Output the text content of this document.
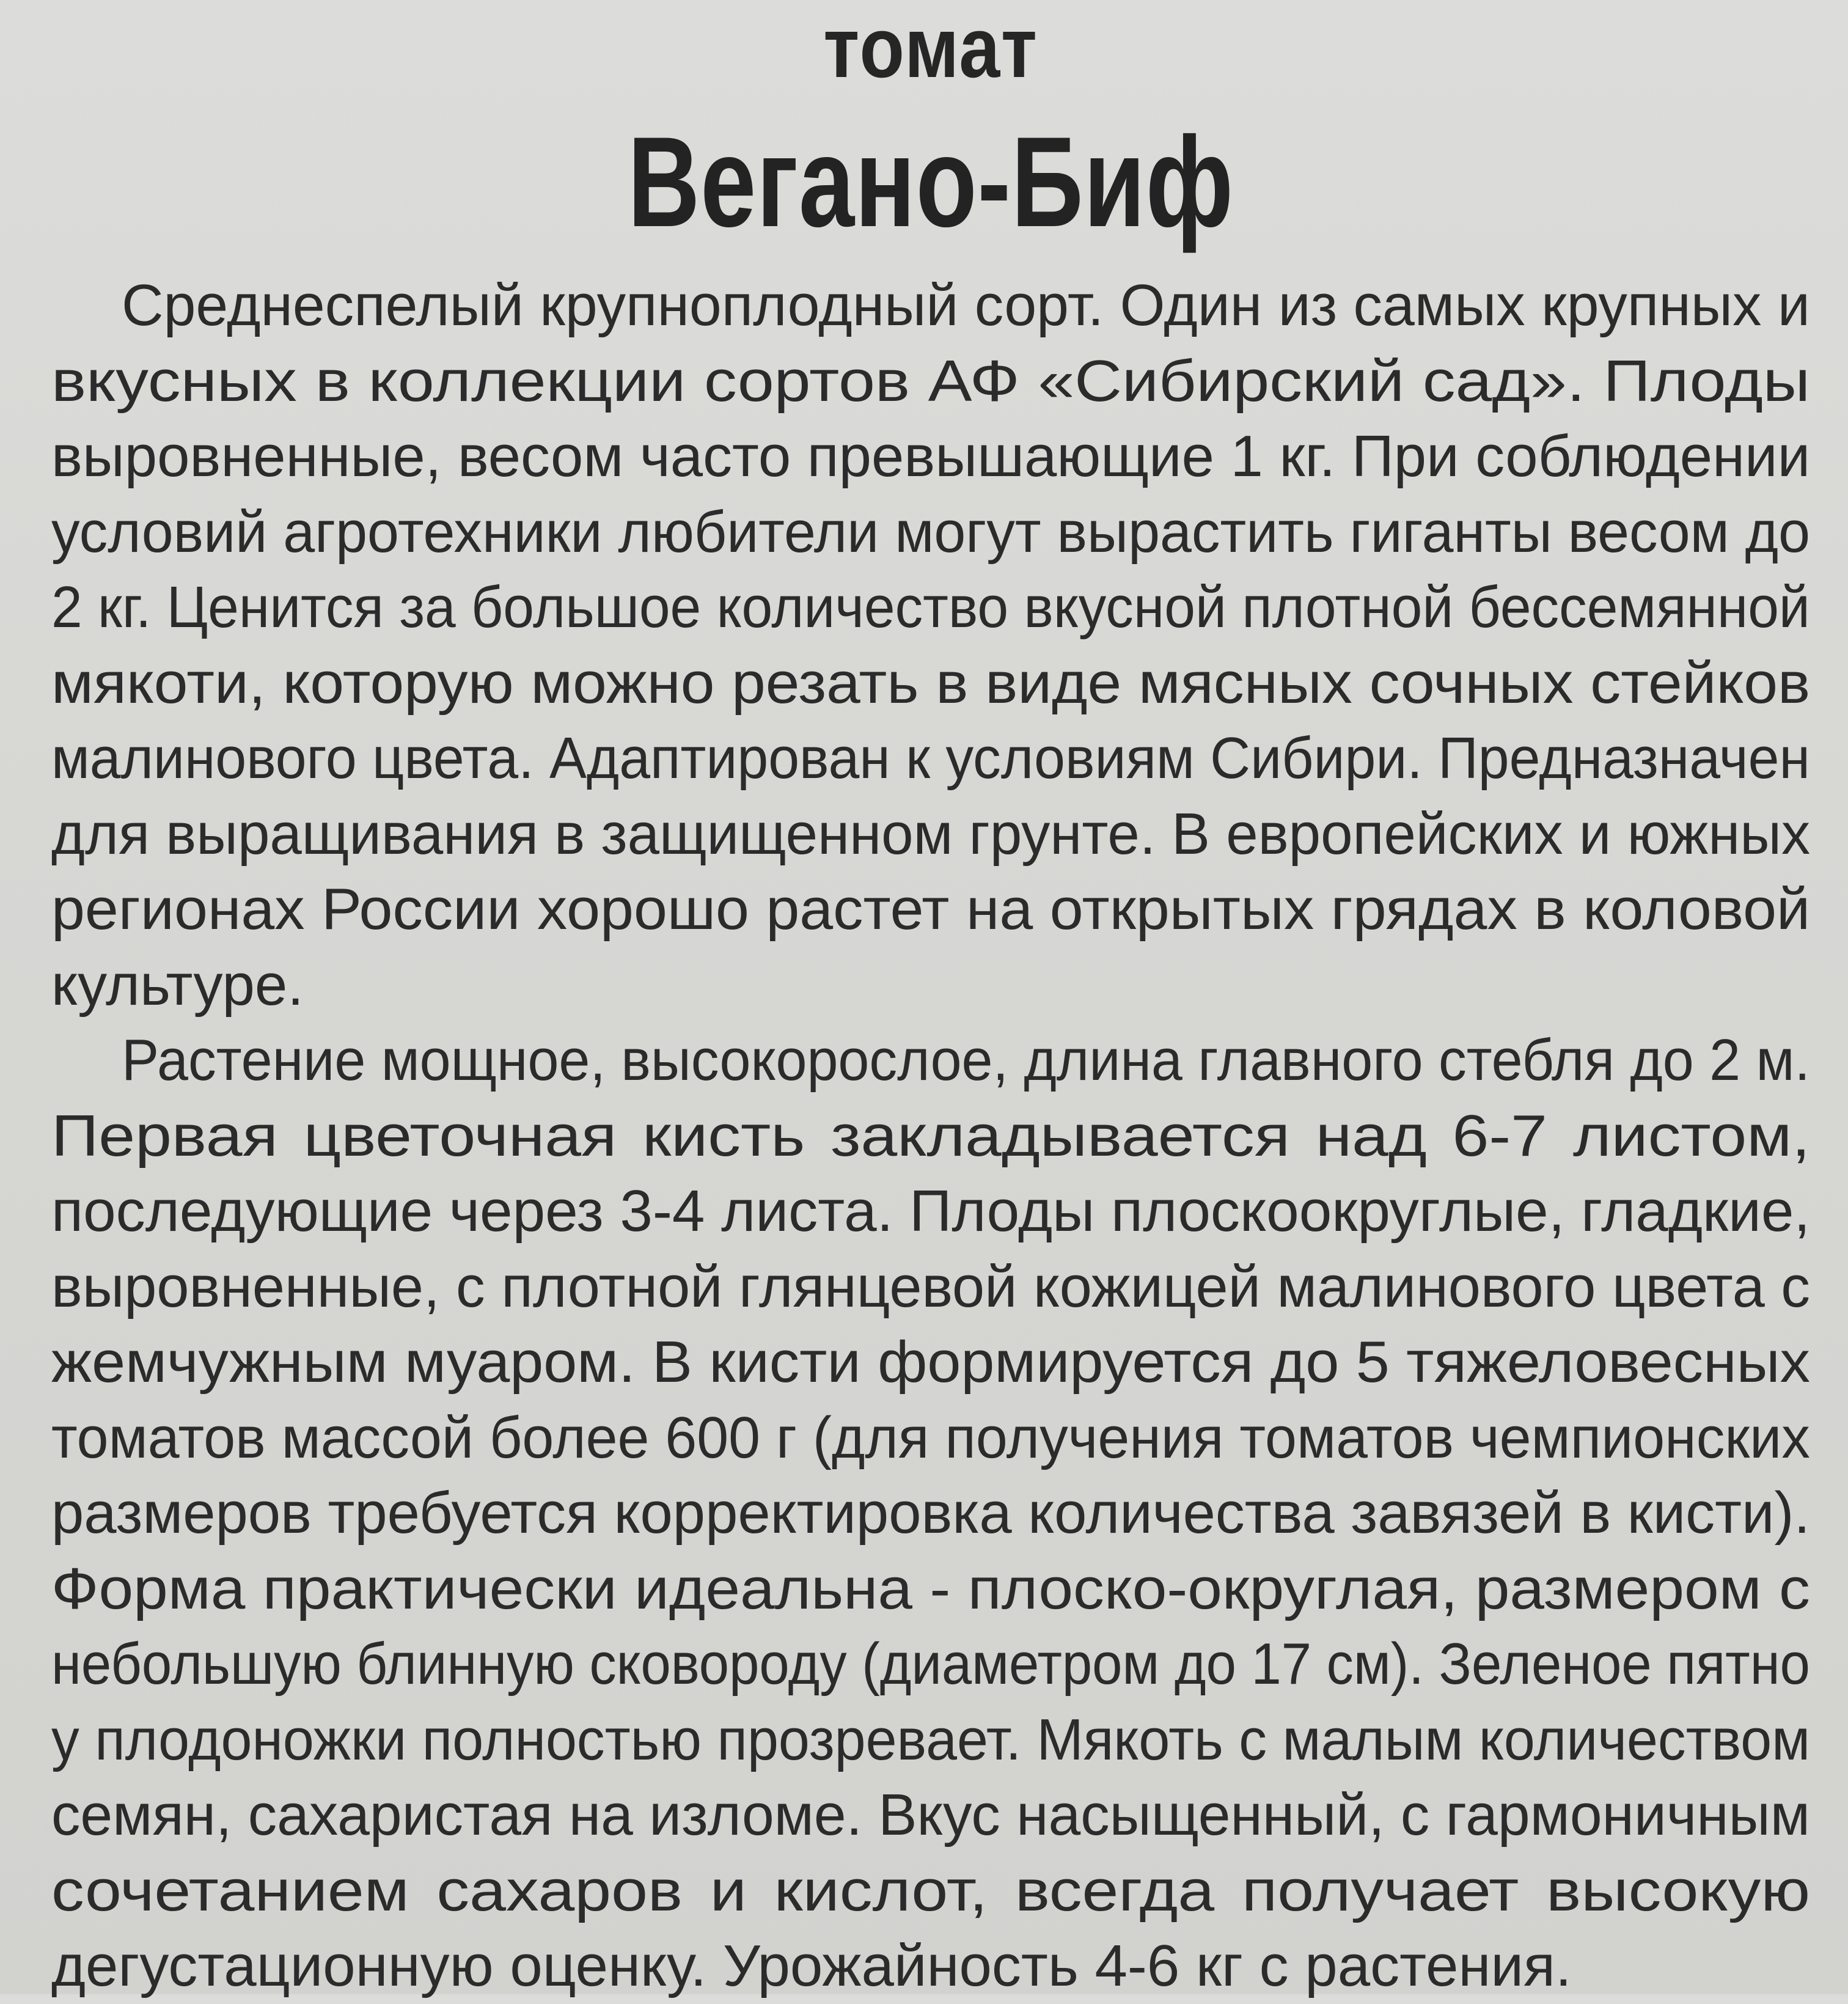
томат
Вегано-Биф
Среднеспелый крупноплодный сорт. Один из самых крупных и
вкусных в коллекции сортов АФ «Сибирский сад». Плоды
выровненные, весом часто превышающие 1 кг. При соблюдении
условий агротехники любители могут вырастить гиганты весом до
2 кг. Ценится за большое количество вкусной плотной бессемянной
мякоти, которую можно резать в виде мясных сочных стейков
малинового цвета. Адаптирован к условиям Сибири. Предназначен
для выращивания в защищенном грунте. В европейских и южных
регионах России хорошо растет на открытых грядах в коловой
культуре.
Растение мощное, высокорослое, длина главного стебля до 2 м.
Первая цветочная кисть закладывается над 6-7 листом,
последующие через 3-4 листа. Плоды плоскоокруглые, гладкие,
выровненные, с плотной глянцевой кожицей малинового цвета с
жемчужным муаром. В кисти формируется до 5 тяжеловесных
томатов массой более 600 г (для получения томатов чемпионских
размеров требуется корректировка количества завязей в кисти).
Форма практически идеальна - плоско-округлая, размером с
небольшую блинную сковороду (диаметром до 17 см). Зеленое пятно
у плодоножки полностью прозревает. Мякоть с малым количеством
семян, сахаристая на изломе. Вкус насыщенный, с гармоничным
сочетанием сахаров и кислот, всегда получает высокую
дегустационную оценку. Урожайность 4-6 кг с растения.
